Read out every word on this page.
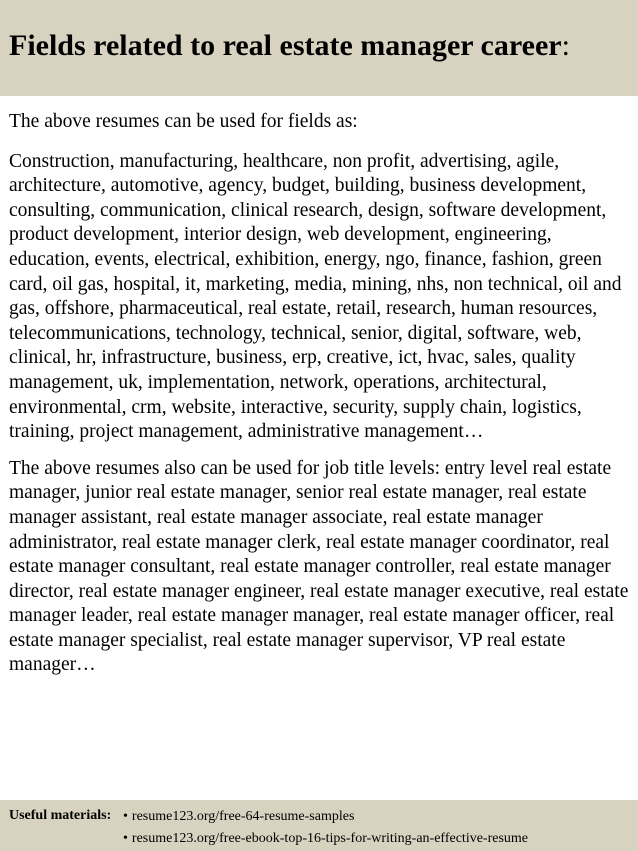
Fields related to real estate manager career:

The above resumes can be used for fields as:

Construction, manufacturing, healthcare, non profit, advertising, agile, architecture, automotive, agency, budget, building, business development, consulting, communication, clinical research, design, software development, product development, interior design, web development, engineering, education, events, electrical, exhibition, energy, ngo, finance, fashion, green card, oil gas, hospital, it, marketing, media, mining, nhs, non technical, oil and gas, offshore, pharmaceutical, real estate, retail, research, human resources, telecommunications, technology, technical, senior, digital, software, web, clinical, hr, infrastructure, business, erp, creative, ict, hvac, sales, quality management, uk, implementation, network, operations, architectural, environmental, crm, website, interactive, security, supply chain, logistics, training, project management, administrative management…

The above resumes also can be used for job title levels: entry level real estate manager, junior real estate manager, senior real estate manager, real estate manager assistant, real estate manager associate, real estate manager administrator, real estate manager clerk, real estate manager coordinator, real estate manager consultant, real estate manager controller, real estate manager director, real estate manager engineer, real estate manager executive, real estate manager leader, real estate manager manager, real estate manager officer, real estate manager specialist, real estate manager supervisor, VP real estate manager…

Useful materials: • resume123.org/free-64-resume-samples
• resume123.org/free-ebook-top-16-tips-for-writing-an-effective-resume
